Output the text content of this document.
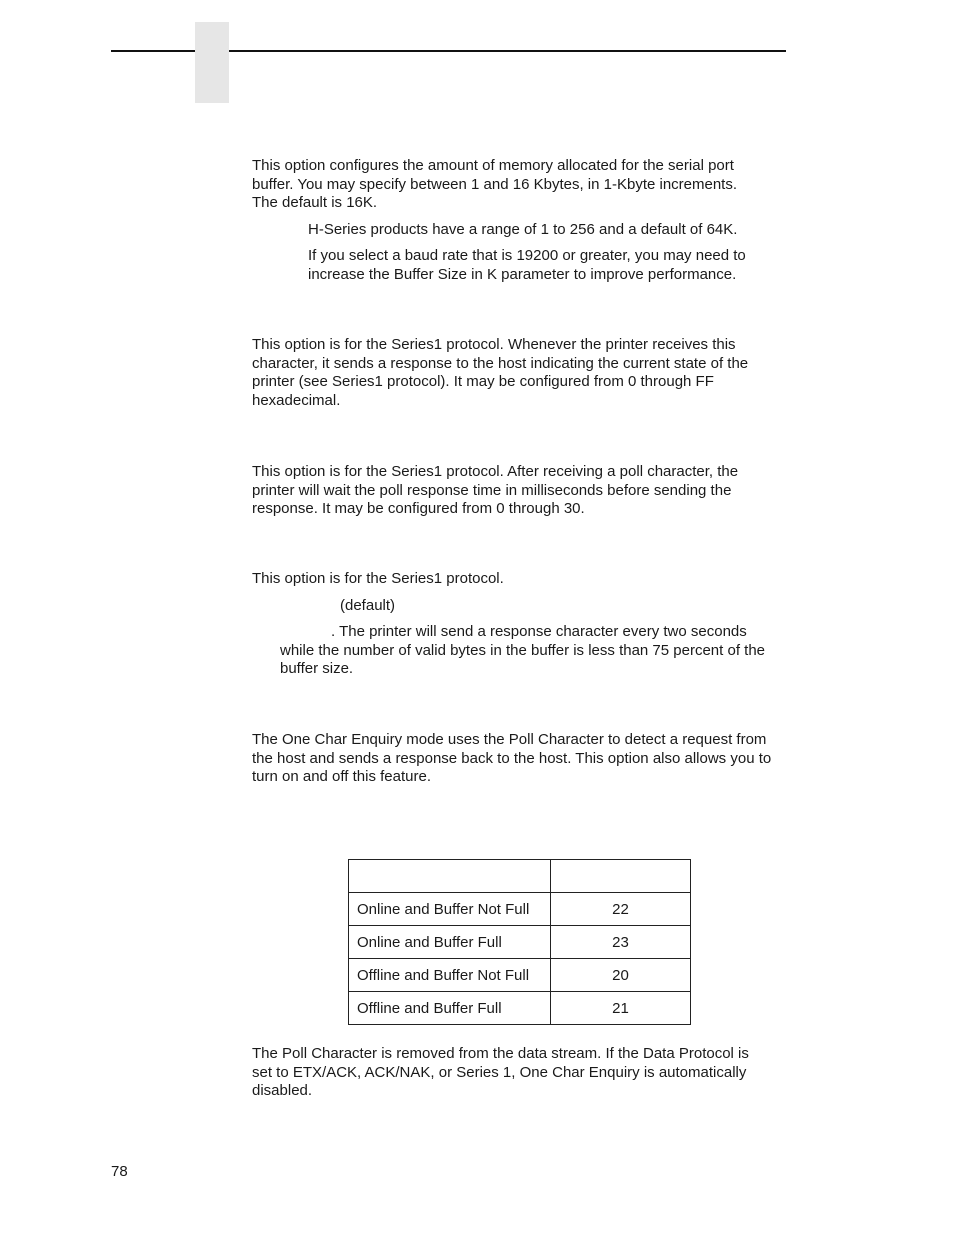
This option configures the amount of memory allocated for the serial port
buffer. You may specify between 1 and 16 Kbytes, in 1-Kbyte increments.
The default is 16K.

H-Series products have a range of 1 to 256 and a default of 64K.

If you select a baud rate that is 19200 or greater, you may need to
increase the Buffer Size in K parameter to improve performance.

This option is for the Series1 protocol. Whenever the printer receives this
character, it sends a response to the host indicating the current state of the
printer (see Series1 protocol). It may be configured from 0 through FF
hexadecimal.

This option is for the Series1 protocol. After receiving a poll character, the
printer will wait the poll response time in milliseconds before sending the
response. It may be configured from 0 through 30.

This option is for the Series1 protocol.

(default)

. The printer will send a response character every two seconds
while the number of valid bytes in the buffer is less than 75 percent of the
buffer size.

The One Char Enquiry mode uses the Poll Character to detect a request from
the host and sends a response back to the host. This option also allows you to
turn on and off this feature.

Online and Buffer Not Full	22
Online and Buffer Full	23
Offline and Buffer Not Full	20
Offline and Buffer Full	21

The Poll Character is removed from the data stream. If the Data Protocol is
set to ETX/ACK, ACK/NAK, or Series 1, One Char Enquiry is automatically
disabled.

78
